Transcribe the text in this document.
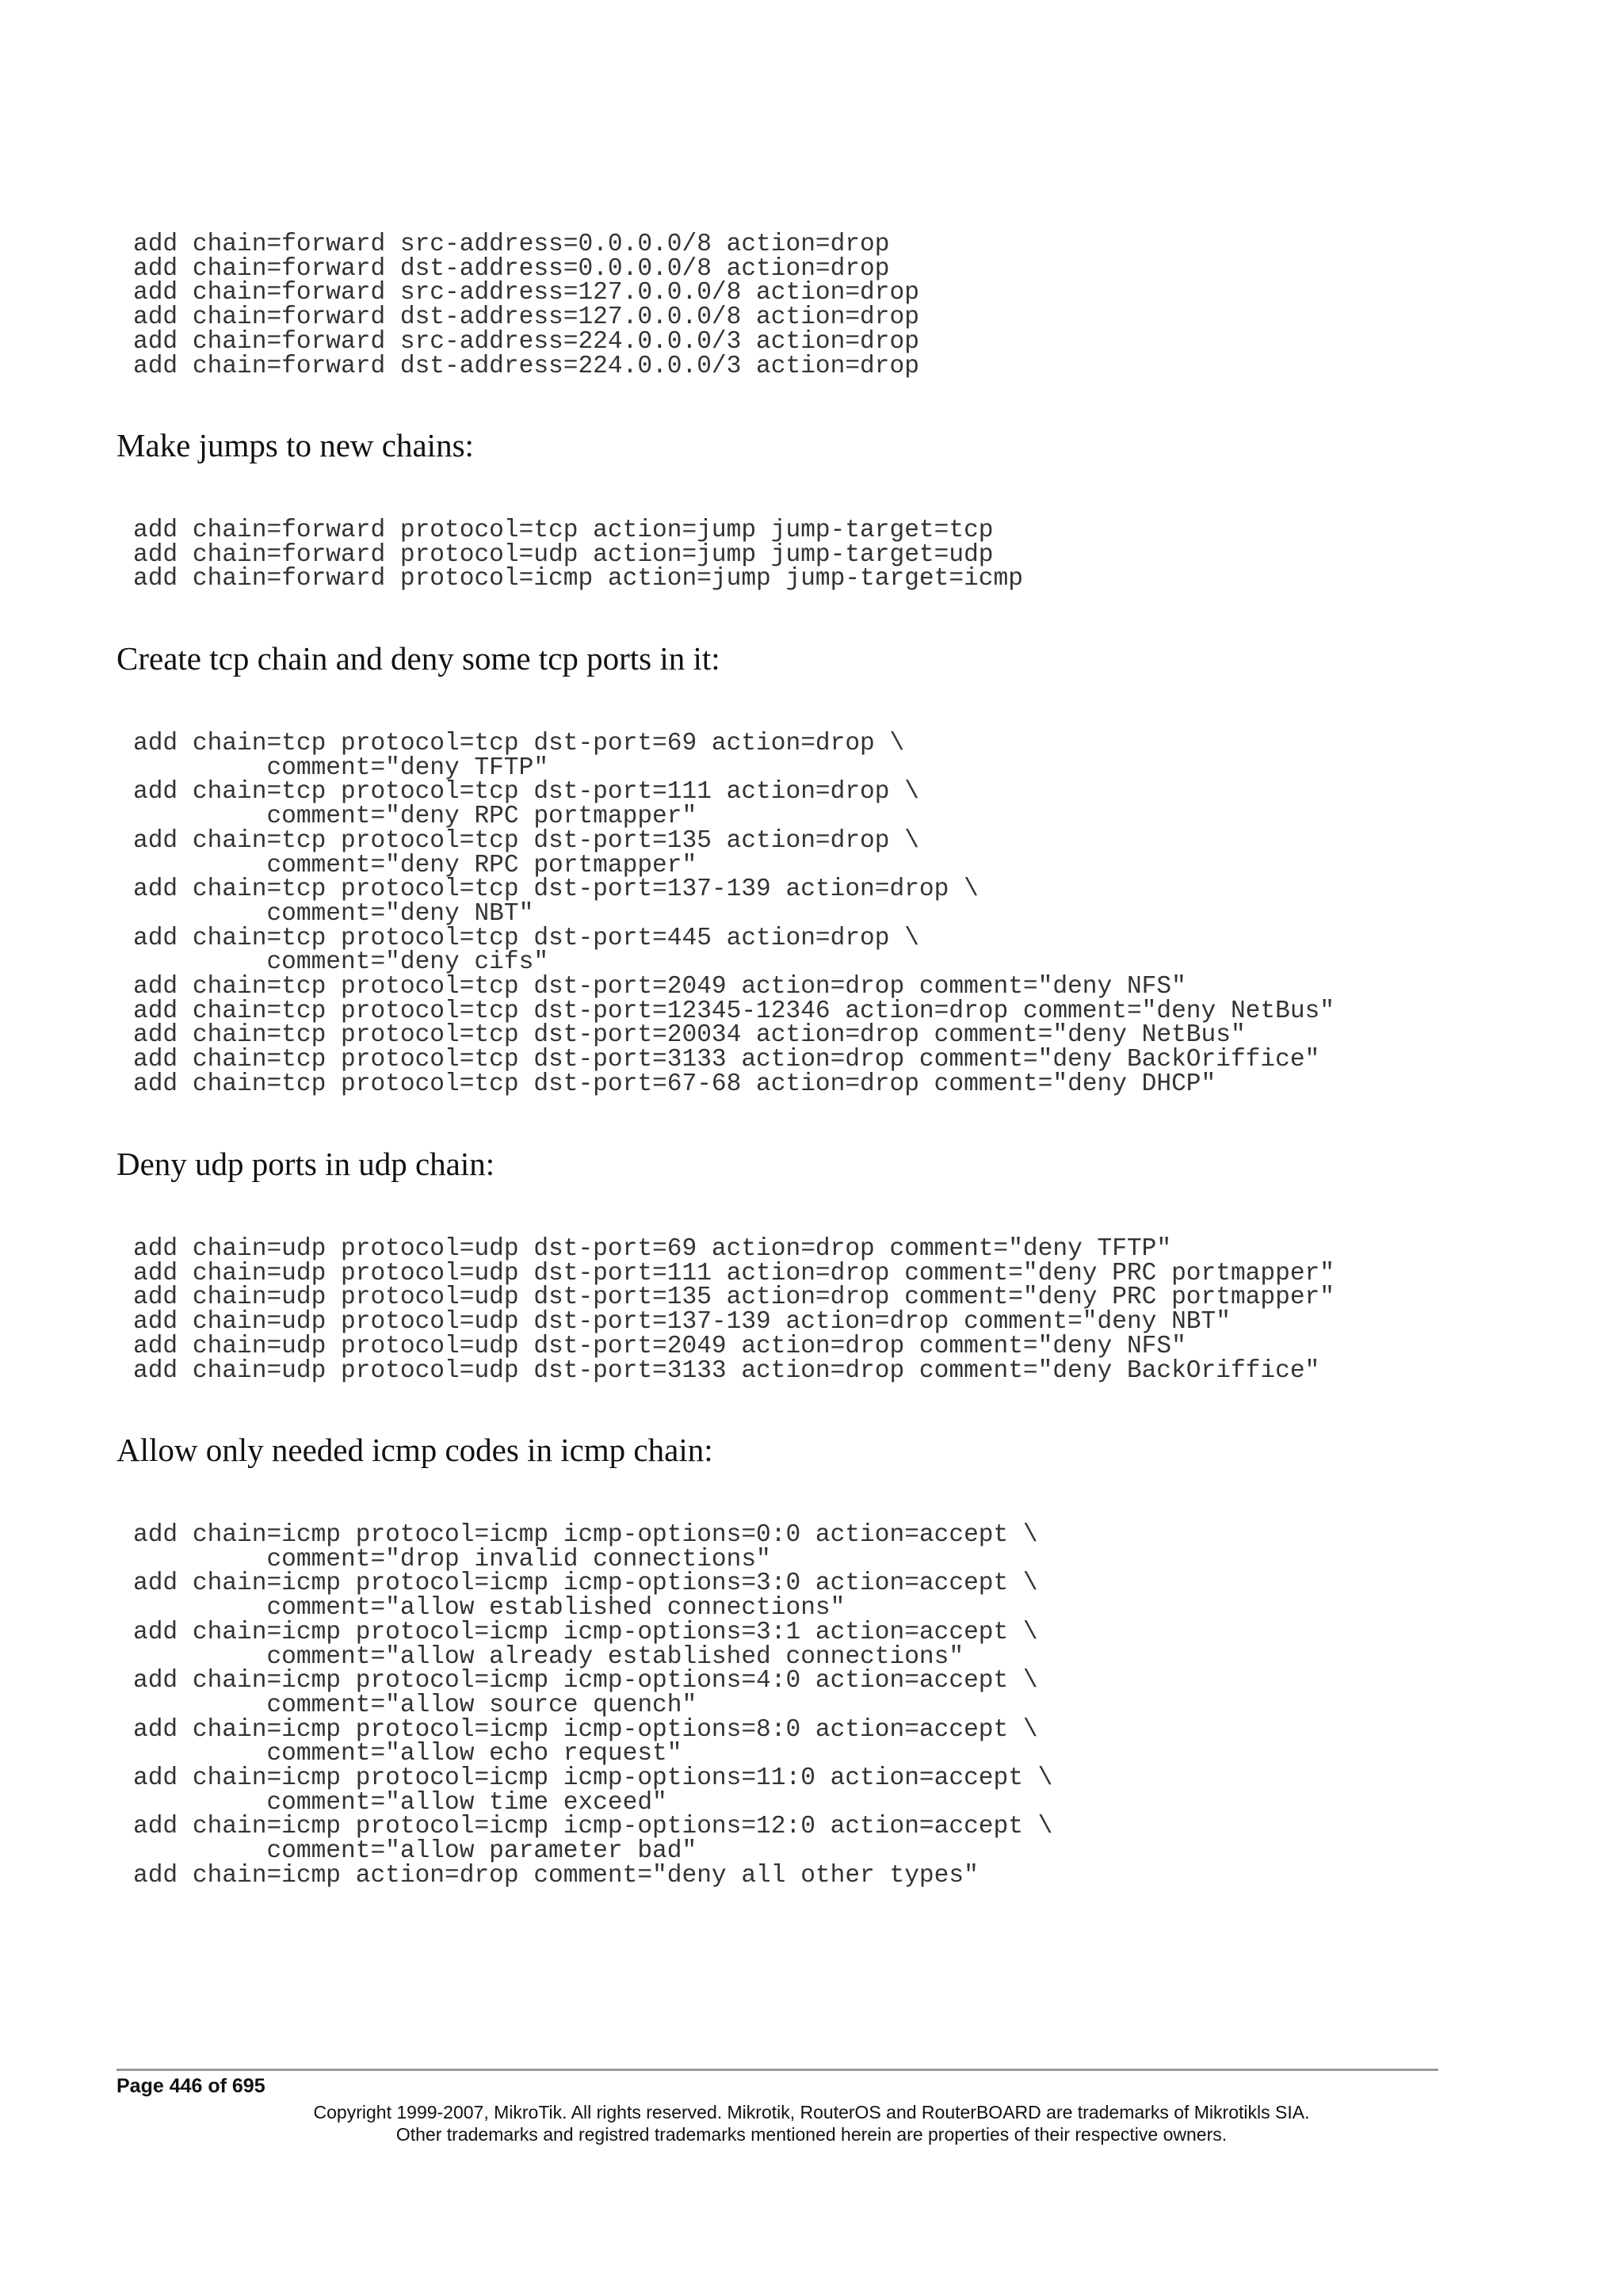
add chain=forward src-address=0.0.0.0/8 action=drop
add chain=forward dst-address=0.0.0.0/8 action=drop
add chain=forward src-address=127.0.0.0/8 action=drop
add chain=forward dst-address=127.0.0.0/8 action=drop
add chain=forward src-address=224.0.0.0/3 action=drop
add chain=forward dst-address=224.0.0.0/3 action=drop
Make jumps to new chains:
add chain=forward protocol=tcp action=jump jump-target=tcp
add chain=forward protocol=udp action=jump jump-target=udp
add chain=forward protocol=icmp action=jump jump-target=icmp
Create tcp chain and deny some tcp ports in it:
add chain=tcp protocol=tcp dst-port=69 action=drop \
comment="deny TFTP"
add chain=tcp protocol=tcp dst-port=111 action=drop \
comment="deny RPC portmapper"
add chain=tcp protocol=tcp dst-port=135 action=drop \
comment="deny RPC portmapper"
add chain=tcp protocol=tcp dst-port=137-139 action=drop \
comment="deny NBT"
add chain=tcp protocol=tcp dst-port=445 action=drop \
comment="deny cifs"
add chain=tcp protocol=tcp dst-port=2049 action=drop comment="deny NFS"
add chain=tcp protocol=tcp dst-port=12345-12346 action=drop comment="deny NetBus"
add chain=tcp protocol=tcp dst-port=20034 action=drop comment="deny NetBus"
add chain=tcp protocol=tcp dst-port=3133 action=drop comment="deny BackOriffice"
add chain=tcp protocol=tcp dst-port=67-68 action=drop comment="deny DHCP"
Deny udp ports in udp chain:
add chain=udp protocol=udp dst-port=69 action=drop comment="deny TFTP"
add chain=udp protocol=udp dst-port=111 action=drop comment="deny PRC portmapper"
add chain=udp protocol=udp dst-port=135 action=drop comment="deny PRC portmapper"
add chain=udp protocol=udp dst-port=137-139 action=drop comment="deny NBT"
add chain=udp protocol=udp dst-port=2049 action=drop comment="deny NFS"
add chain=udp protocol=udp dst-port=3133 action=drop comment="deny BackOriffice"
Allow only needed icmp codes in icmp chain:
add chain=icmp protocol=icmp icmp-options=0:0 action=accept \
comment="drop invalid connections"
add chain=icmp protocol=icmp icmp-options=3:0 action=accept \
comment="allow established connections"
add chain=icmp protocol=icmp icmp-options=3:1 action=accept \
comment="allow already established connections"
add chain=icmp protocol=icmp icmp-options=4:0 action=accept \
comment="allow source quench"
add chain=icmp protocol=icmp icmp-options=8:0 action=accept \
comment="allow echo request"
add chain=icmp protocol=icmp icmp-options=11:0 action=accept \
comment="allow time exceed"
add chain=icmp protocol=icmp icmp-options=12:0 action=accept \
comment="allow parameter bad"
add chain=icmp action=drop comment="deny all other types"
Page 446 of 695
Copyright 1999-2007, MikroTik. All rights reserved. Mikrotik, RouterOS and RouterBOARD are trademarks of Mikrotikls SIA.
Other trademarks and registred trademarks mentioned herein are properties of their respective owners.
